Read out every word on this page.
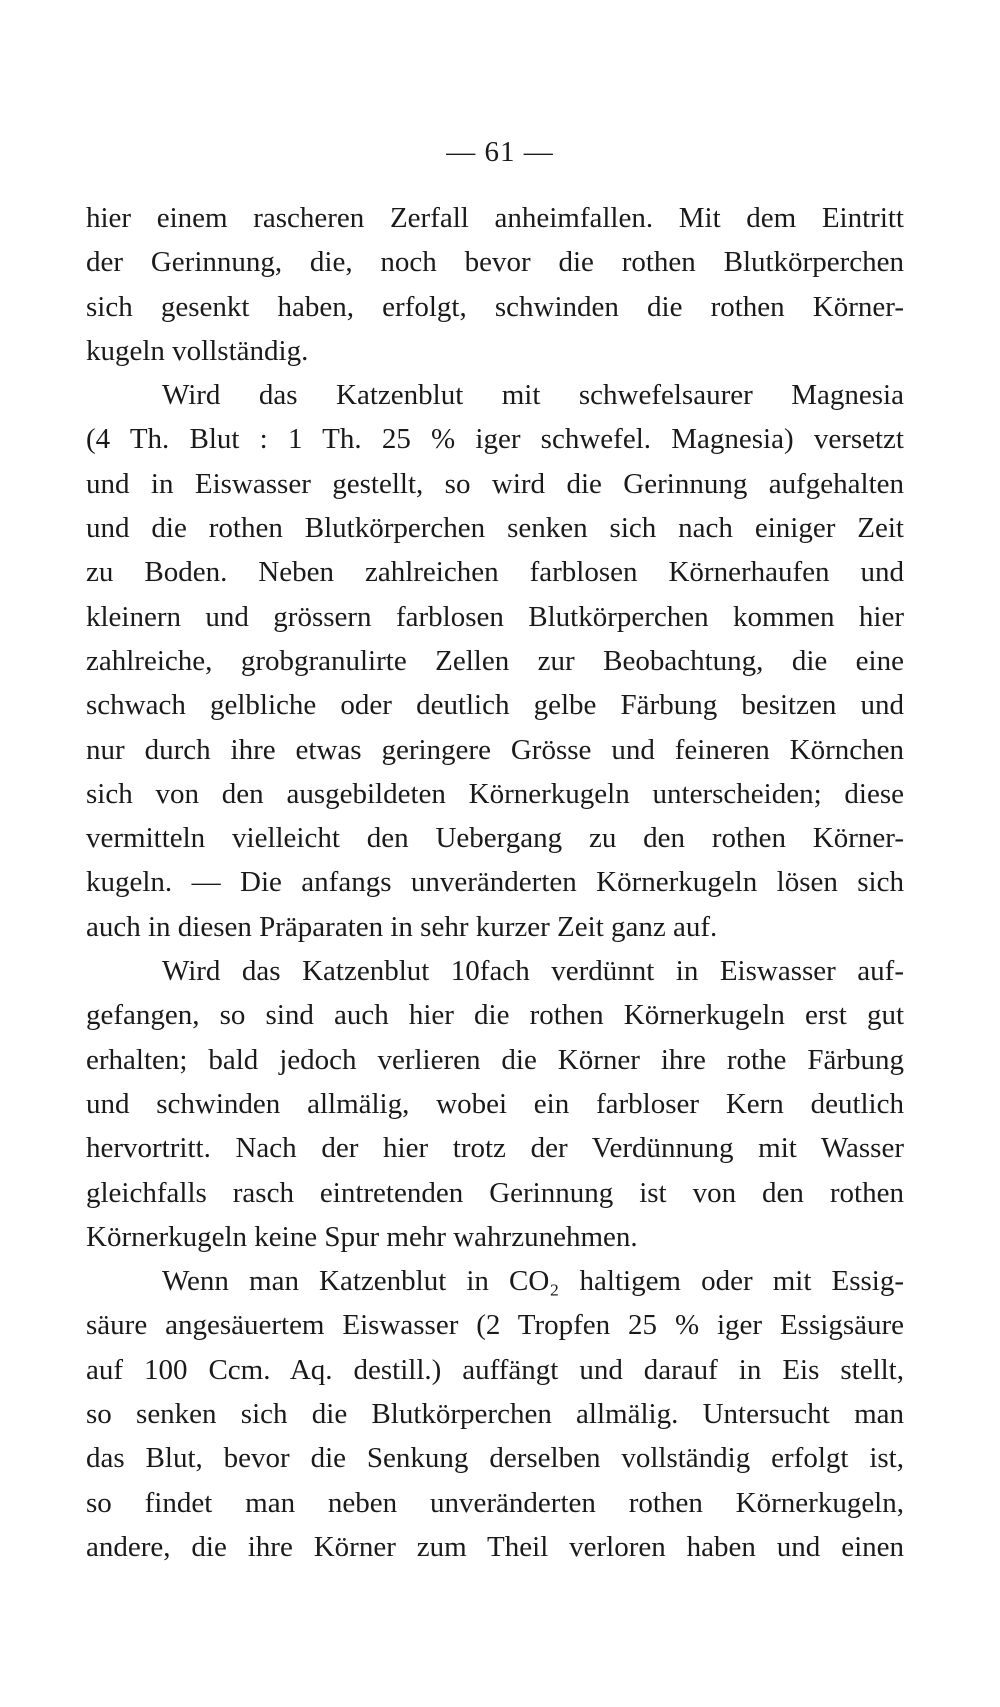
— 61 —
hier einem rascheren Zerfall anheimfallen. Mit dem Eintritt
der Gerinnung, die, noch bevor die rothen Blutkörperchen
sich gesenkt haben, erfolgt, schwinden die rothen Körner-
kugeln vollständig.
Wird das Katzenblut mit schwefelsaurer Magnesia
(4 Th. Blut : 1 Th. 25 % iger schwefel. Magnesia) versetzt
und in Eiswasser gestellt, so wird die Gerinnung aufgehalten
und die rothen Blutkörperchen senken sich nach einiger Zeit
zu Boden. Neben zahlreichen farblosen Körnerhaufen und
kleinern und grössern farblosen Blutkörperchen kommen hier
zahlreiche, grobgranulirte Zellen zur Beobachtung, die eine
schwach gelbliche oder deutlich gelbe Färbung besitzen und
nur durch ihre etwas geringere Grösse und feineren Körnchen
sich von den ausgebildeten Körnerkugeln unterscheiden; diese
vermitteln vielleicht den Uebergang zu den rothen Körner-
kugeln. — Die anfangs unveränderten Körnerkugeln lösen sich
auch in diesen Präparaten in sehr kurzer Zeit ganz auf.
Wird das Katzenblut 10fach verdünnt in Eiswasser auf-
gefangen, so sind auch hier die rothen Körnerkugeln erst gut
erhalten; bald jedoch verlieren die Körner ihre rothe Färbung
und schwinden allmälig, wobei ein farbloser Kern deutlich
hervortritt. Nach der hier trotz der Verdünnung mit Wasser
gleichfalls rasch eintretenden Gerinnung ist von den rothen
Körnerkugeln keine Spur mehr wahrzunehmen.
Wenn man Katzenblut in CO₂ haltigem oder mit Essig-
säure angesäuertem Eiswasser (2 Tropfen 25 % iger Essigsäure
auf 100 Ccm. Aq. destill.) auffängt und darauf in Eis stellt,
so senken sich die Blutkörperchen allmälig. Untersucht man
das Blut, bevor die Senkung derselben vollständig erfolgt ist,
so findet man neben unveränderten rothen Körnerkugeln,
andere, die ihre Körner zum Theil verloren haben und einen
